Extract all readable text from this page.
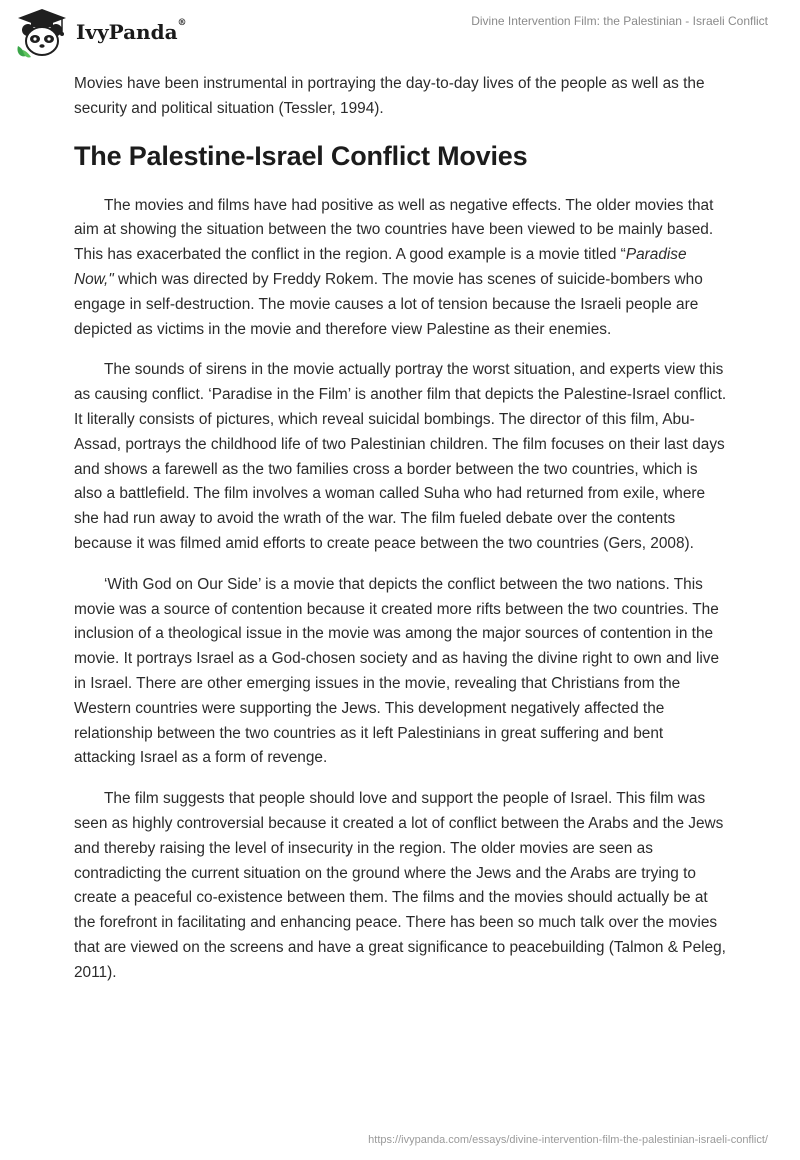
IvyPanda®	Divine Intervention Film: the Palestinian - Israeli Conflict

Movies have been instrumental in portraying the day-to-day lives of the people as well as the security and political situation (Tessler, 1994).

The Palestine-Israel Conflict Movies

The movies and films have had positive as well as negative effects. The older movies that aim at showing the situation between the two countries have been viewed to be mainly based. This has exacerbated the conflict in the region. A good example is a movie titled “Paradise Now," which was directed by Freddy Rokem. The movie has scenes of suicide-bombers who engage in self-destruction. The movie causes a lot of tension because the Israeli people are depicted as victims in the movie and therefore view Palestine as their enemies.

The sounds of sirens in the movie actually portray the worst situation, and experts view this as causing conflict. ‘Paradise in the Film’ is another film that depicts the Palestine-Israel conflict. It literally consists of pictures, which reveal suicidal bombings. The director of this film, Abu-Assad, portrays the childhood life of two Palestinian children. The film focuses on their last days and shows a farewell as the two families cross a border between the two countries, which is also a battlefield. The film involves a woman called Suha who had returned from exile, where she had run away to avoid the wrath of the war. The film fueled debate over the contents because it was filmed amid efforts to create peace between the two countries (Gers, 2008).

‘With God on Our Side’ is a movie that depicts the conflict between the two nations. This movie was a source of contention because it created more rifts between the two countries. The inclusion of a theological issue in the movie was among the major sources of contention in the movie. It portrays Israel as a God-chosen society and as having the divine right to own and live in Israel. There are other emerging issues in the movie, revealing that Christians from the Western countries were supporting the Jews. This development negatively affected the relationship between the two countries as it left Palestinians in great suffering and bent attacking Israel as a form of revenge.

The film suggests that people should love and support the people of Israel. This film was seen as highly controversial because it created a lot of conflict between the Arabs and the Jews and thereby raising the level of insecurity in the region. The older movies are seen as contradicting the current situation on the ground where the Jews and the Arabs are trying to create a peaceful co-existence between them. The films and the movies should actually be at the forefront in facilitating and enhancing peace. There has been so much talk over the movies that are viewed on the screens and have a great significance to peacebuilding (Talmon & Peleg, 2011).

https://ivypanda.com/essays/divine-intervention-film-the-palestinian-israeli-conflict/
